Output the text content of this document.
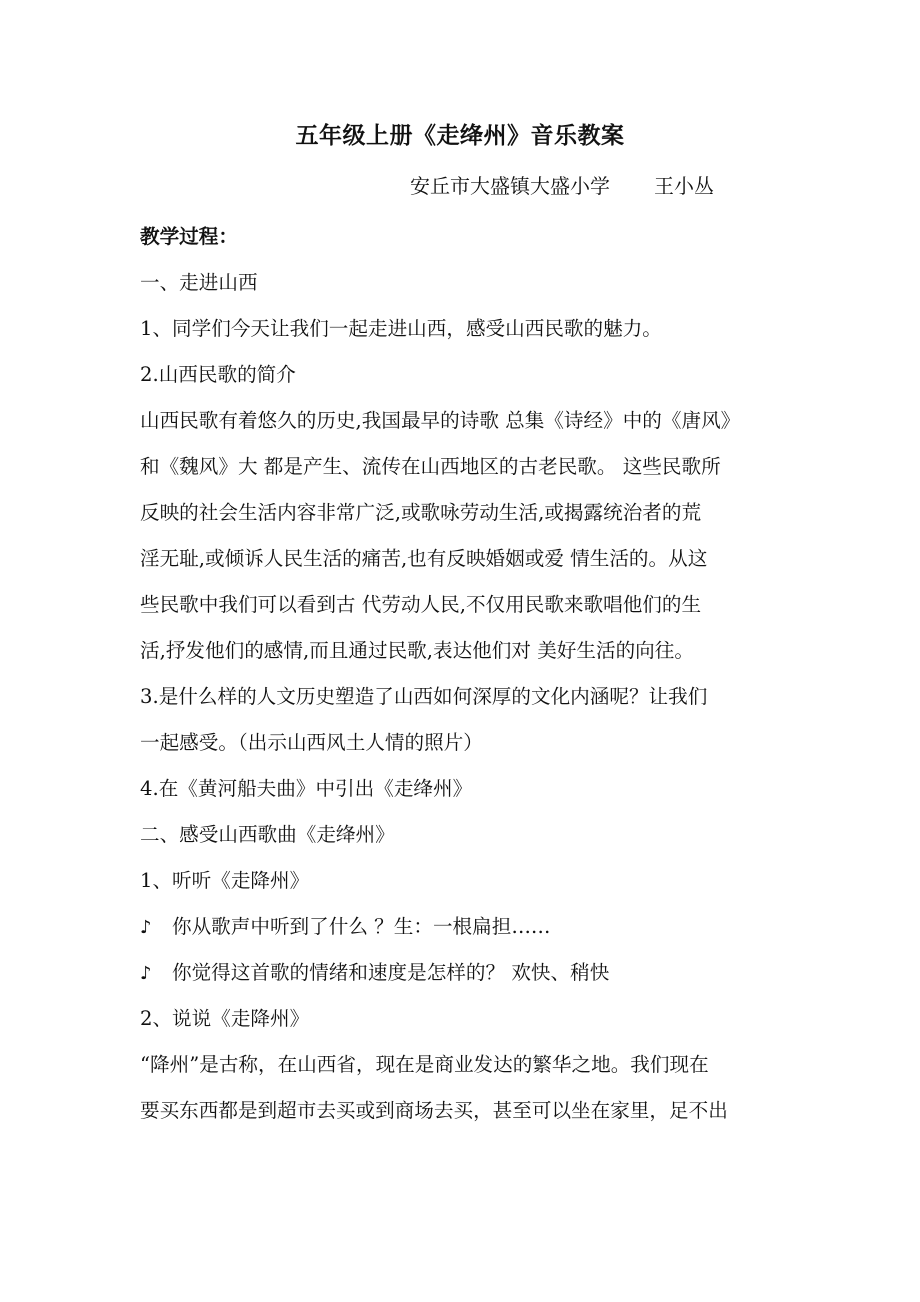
五年级上册《走绛州》音乐教案
安丘市大盛镇大盛小学 王小丛
教学过程：
一、走进山西
1、同学们今天让我们一起走进山西，感受山西民歌的魅力。
2.山西民歌的简介
山西民歌有着悠久的历史,我国最早的诗歌 总集《诗经》中的《唐风》
和《魏风》大 都是产生、流传在山西地区的古老民歌。 这些民歌所
反映的社会生活内容非常广泛,或歌咏劳动生活,或揭露统治者的荒
淫无耻,或倾诉人民生活的痛苦,也有反映婚姻或爱 情生活的。从这
些民歌中我们可以看到古 代劳动人民,不仅用民歌来歌唱他们的生
活,抒发他们的感情,而且通过民歌,表达他们对 美好生活的向往。
3.是什么样的人文历史塑造了山西如何深厚的文化内涵呢？让我们
一起感受。（出示山西风土人情的照片）
4.在《黄河船夫曲》中引出《走绛州》
二、感受山西歌曲《走绛州》
1、听听《走降州》
♪ 你从歌声中听到了什么 ？生：一根扁担……
♪ 你觉得这首歌的情绪和速度是怎样的？ 欢快、稍快
2、说说《走降州》
“降州”是古称，在山西省，现在是商业发达的繁华之地。我们现在
要买东西都是到超市去买或到商场去买，甚至可以坐在家里，足不出
